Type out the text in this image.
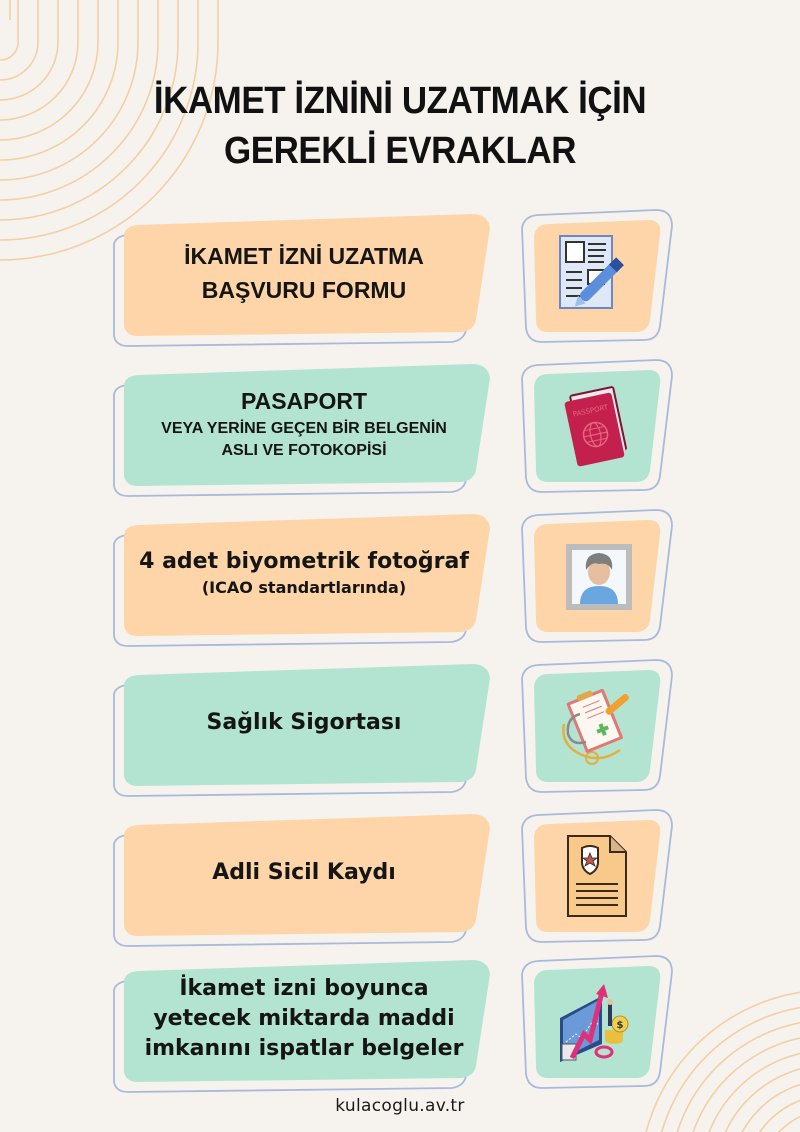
İKAMET İZNİNİ UZATMAK İÇİN
GEREKLİ EVRAKLAR
İKAMET İZNİ UZATMA
BAŞVURU FORMU
PASAPORT
VEYA YERİNE GEÇEN BİR BELGENİN
ASLI VE FOTOKOPİSİ
PASSPORT
4 adet biyometrik fotoğraf
(ICAO standartlarında)
Sağlık Sigortası
Adli Sicil Kaydı
İkamet izni boyunca
yetecek miktarda maddi
imkanını ispatlar belgeler
$
kulacoglu.av.tr
